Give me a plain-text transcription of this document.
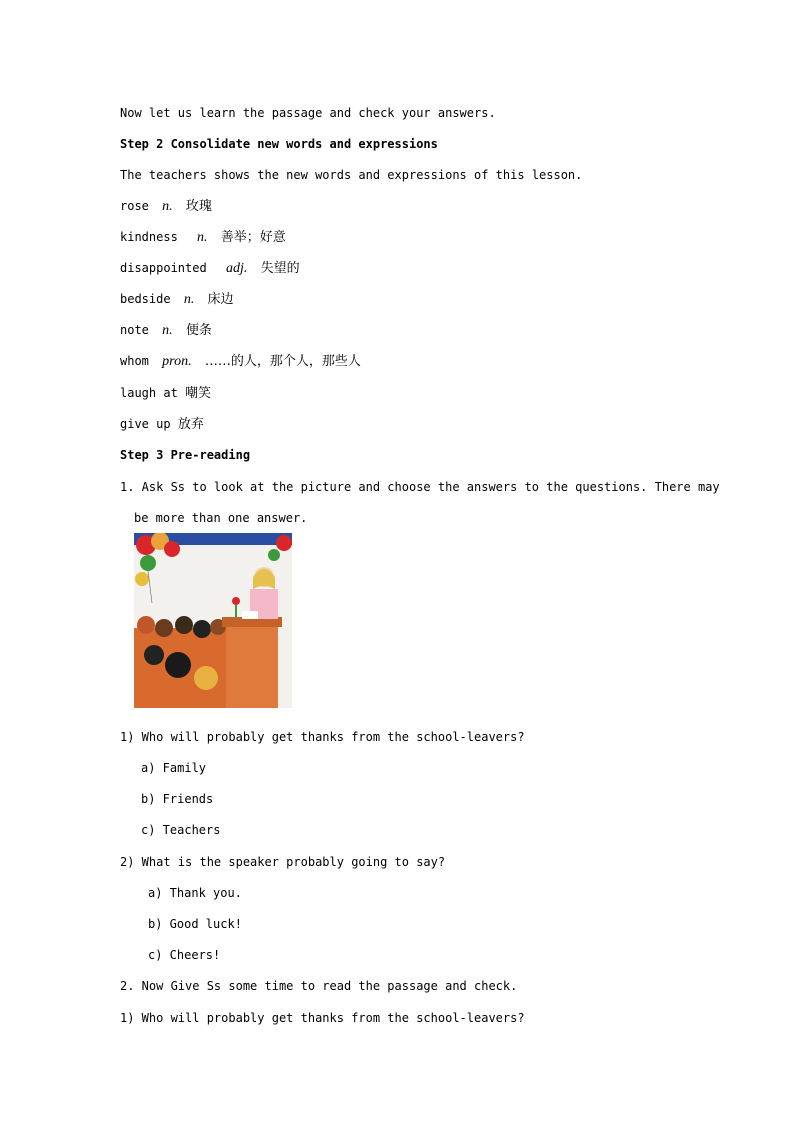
Now let us learn the passage and check your answers.
Step 2 Consolidate new words and expressions
The teachers shows the new words and expressions of this lesson.
rose n. 玫瑰
kindness n. 善举；好意
disappointed adj. 失望的
bedside n. 床边
note n. 便条
whom pron. ……的人，那个人，那些人
laugh at 嘲笑
give up 放弃
Step 3 Pre-reading
1. Ask Ss to look at the picture and choose the answers to the questions. There may
be more than one answer.
1) Who will probably get thanks from the school-leavers?
a) Family
b) Friends
c) Teachers
2) What is the speaker probably going to say?
a) Thank you.
b) Good luck!
c) Cheers!
2. Now Give Ss some time to read the passage and check.
1) Who will probably get thanks from the school-leavers?
